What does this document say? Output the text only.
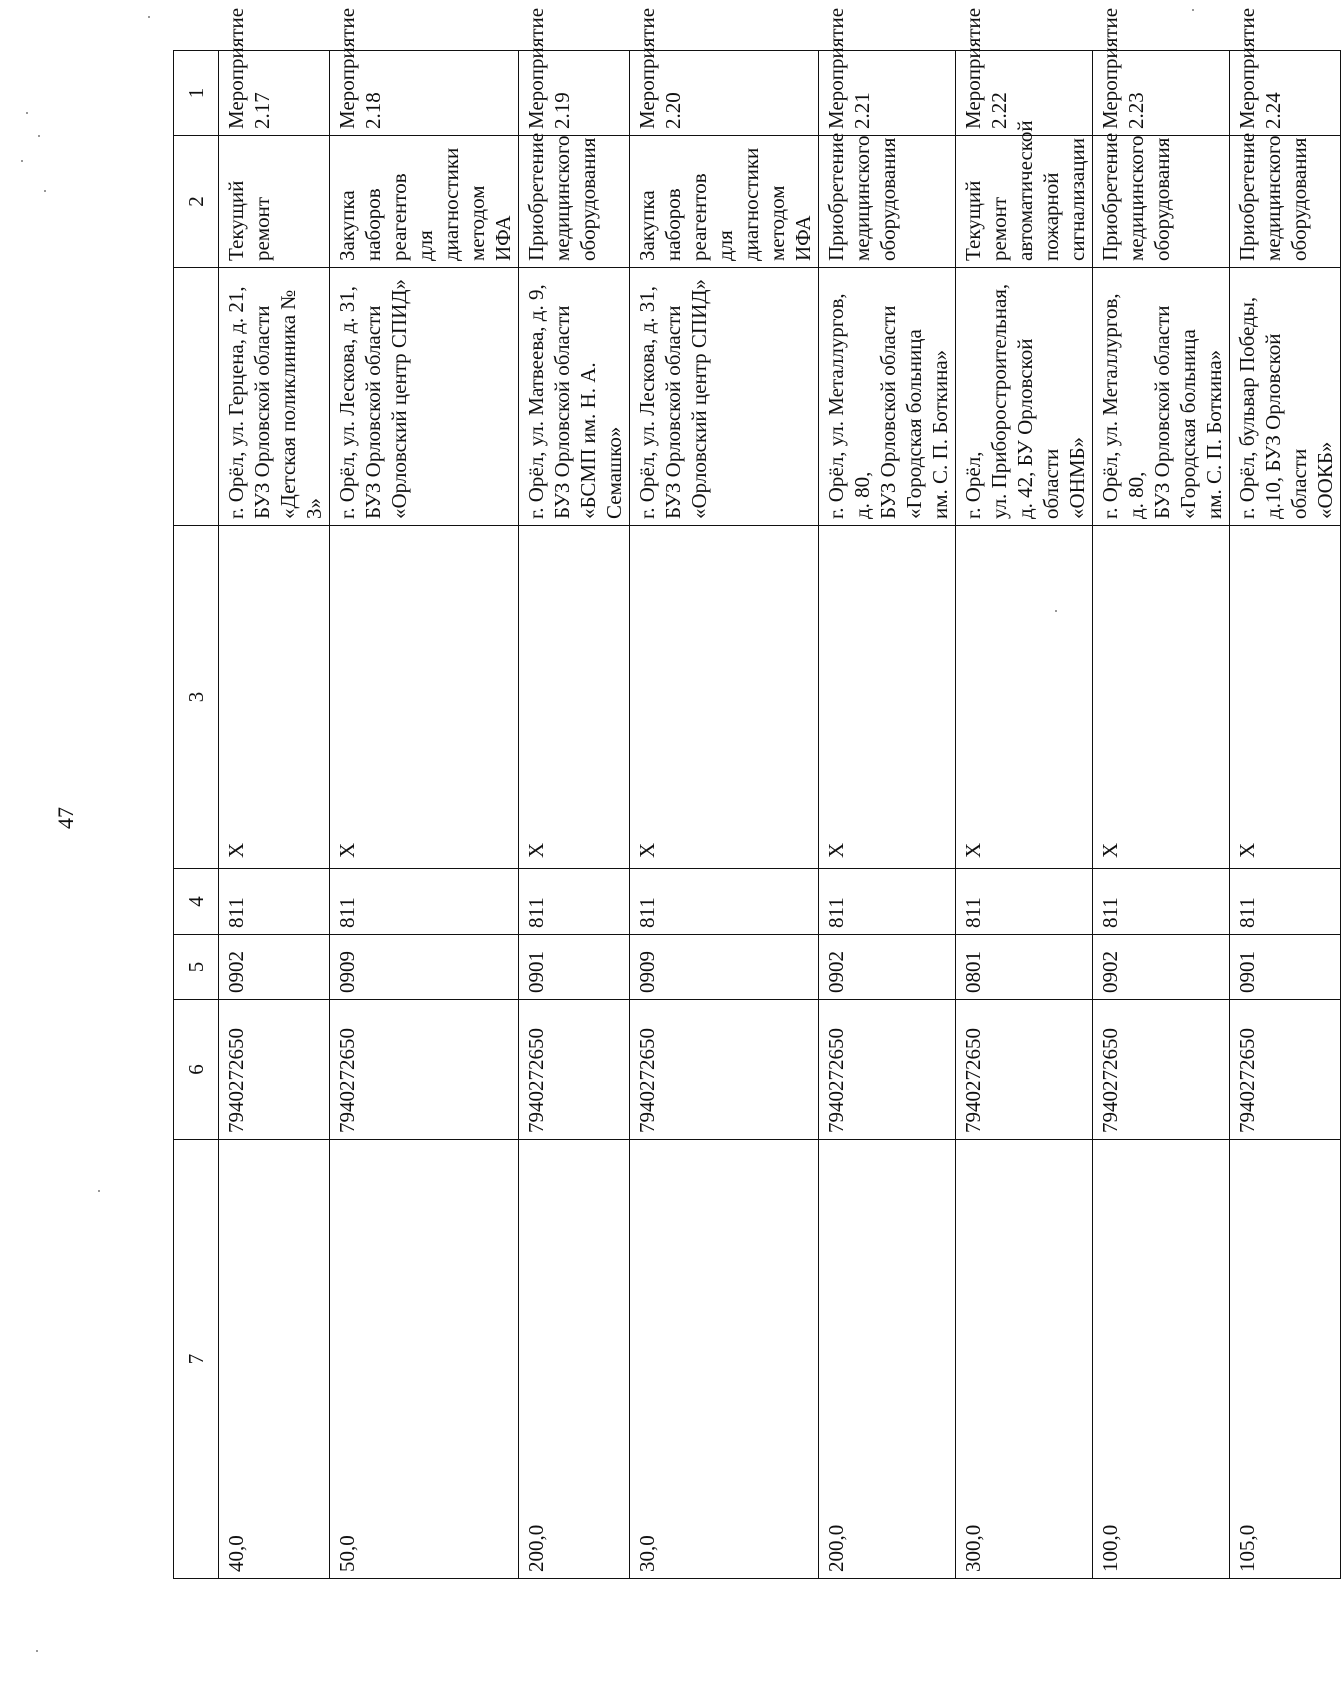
47
7	6	5	4	3		2	1

40,0	7940272650	0902	811	X	г. Орёл, ул. Герцена, д. 21,
БУЗ Орловской области
«Детская поликлиника № 3»	Текущий ремонт	Мероприятие
2.17

50,0	7940272650	0909	811	X	г. Орёл, ул. Лескова, д. 31,
БУЗ Орловской области
«Орловский центр СПИД»	Закупка наборов
реагентов для
диагностики
методом ИФА	Мероприятие
2.18

200,0	7940272650	0901	811	X	г. Орёл, ул. Матвеева, д. 9,
БУЗ Орловской области
«БСМП им. Н. А. Семашко»	Приобретение
медицинского
оборудования	Мероприятие
2.19

30,0	7940272650	0909	811	X	г. Орёл, ул. Лескова, д. 31,
БУЗ Орловской области
«Орловский центр СПИД»	Закупка наборов
реагентов для
диагностики
методом ИФА	Мероприятие
2.20

200,0	7940272650	0902	811	X	г. Орёл, ул. Металлургов,
д. 80,
БУЗ Орловской области
«Городская больница
им. С. П. Боткина»	Приобретение
медицинского
оборудования	Мероприятие
2.21

300,0	7940272650	0801	811	X	г. Орёл,
ул. Приборостроительная,
д. 42, БУ Орловской области
«ОНМБ»	Текущий ремонт
автоматической пожарной
сигнализации	Мероприятие
2.22

100,0	7940272650	0902	811	X	г. Орёл, ул. Металлургов,
д. 80,
БУЗ Орловской области
«Городская больница
им. С. П. Боткина»	Приобретение
медицинского
оборудования	Мероприятие
2.23

105,0	7940272650	0901	811	X	г. Орёл, бульвар Победы,
д.10, БУЗ Орловской области
«ООКБ»	Приобретение
медицинского
оборудования	Мероприятие
2.24
